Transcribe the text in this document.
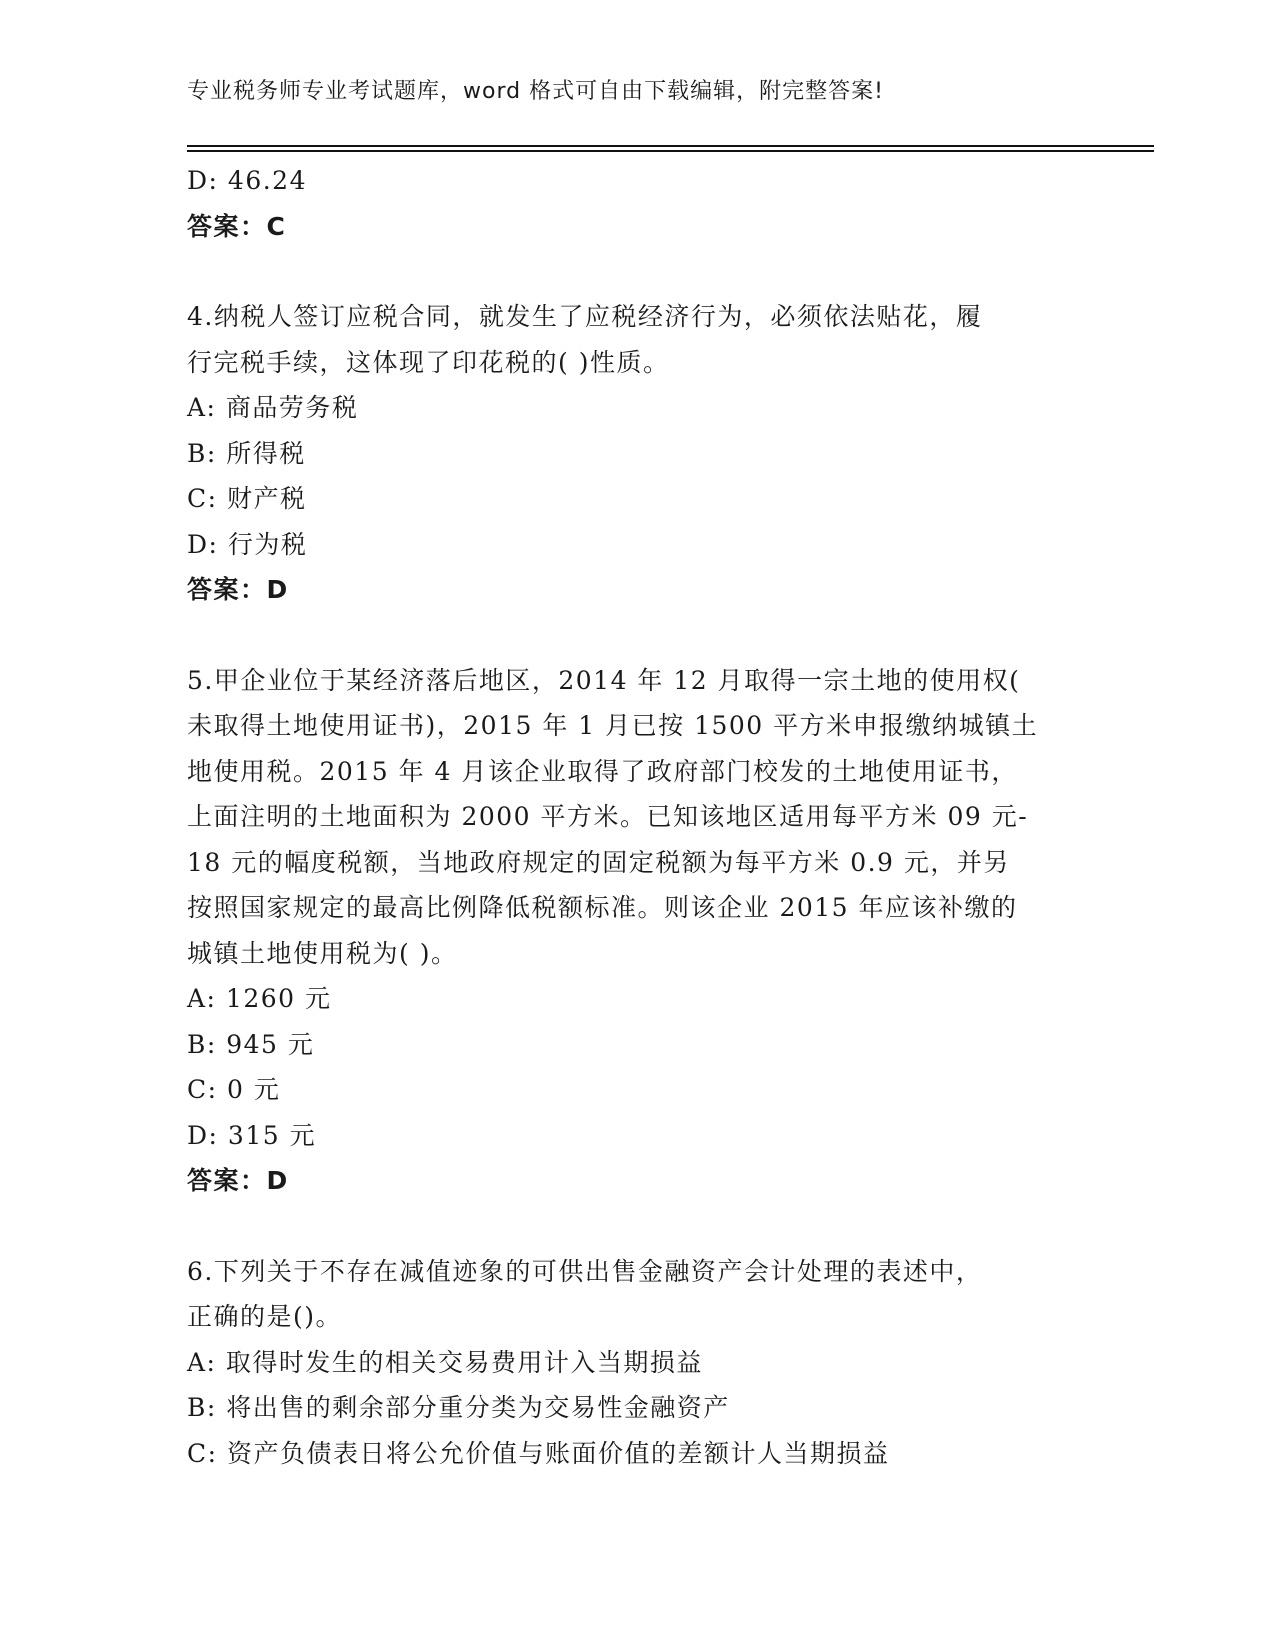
专业税务师专业考试题库，word 格式可自由下载编辑，附完整答案!
D: 46.24
答案：C
4.纳税人签订应税合同，就发生了应税经济行为，必须依法贴花，履
行完税手续，这体现了印花税的( )性质。
A: 商品劳务税
B: 所得税
C: 财产税
D: 行为税
答案：D
5.甲企业位于某经济落后地区，2014 年 12 月取得一宗土地的使用权(
未取得土地使用证书)，2015 年 1 月已按 1500 平方米申报缴纳城镇土
地使用税。2015 年 4 月该企业取得了政府部门校发的土地使用证书，
上面注明的土地面积为 2000 平方米。已知该地区适用每平方米 09 元-
18 元的幅度税额，当地政府规定的固定税额为每平方米 0.9 元，并另
按照国家规定的最高比例降低税额标准。则该企业 2015 年应该补缴的
城镇土地使用税为( )。
A: 1260 元
B: 945 元
C: 0 元
D: 315 元
答案：D
6.下列关于不存在减值迹象的可供出售金融资产会计处理的表述中，
正确的是()。
A: 取得时发生的相关交易费用计入当期损益
B: 将出售的剩余部分重分类为交易性金融资产
C: 资产负债表日将公允价值与账面价值的差额计人当期损益
